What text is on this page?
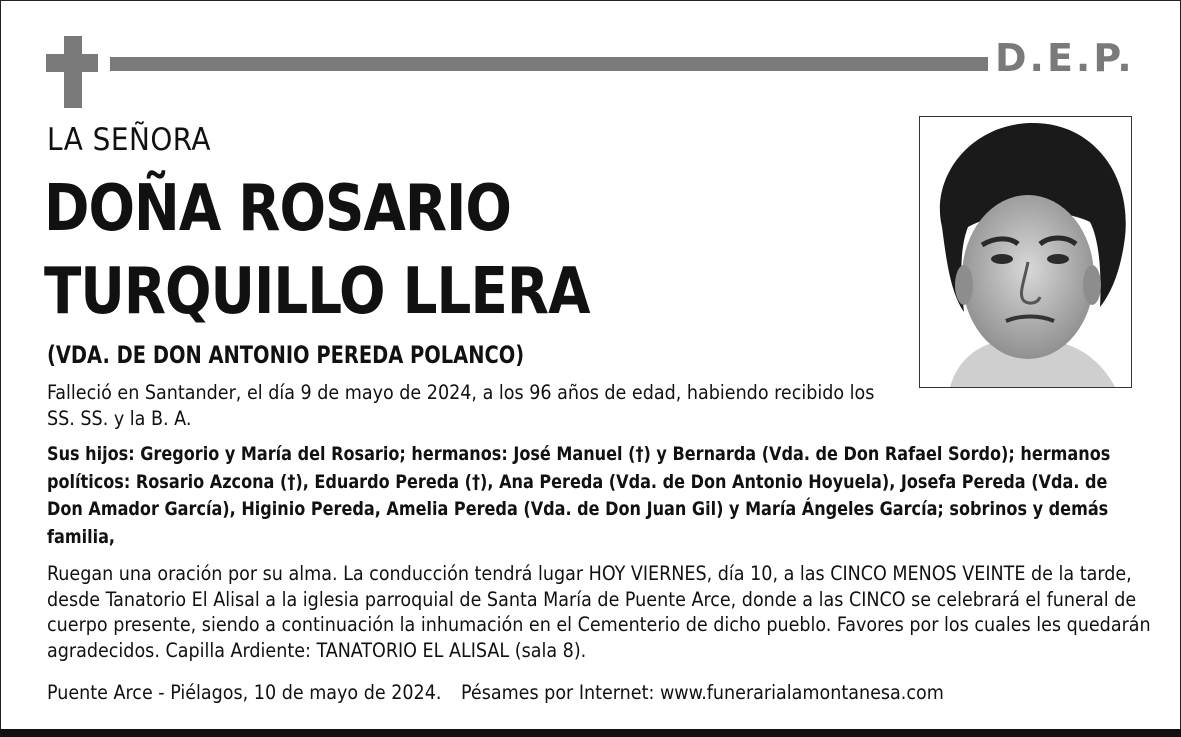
D.E.P.
LA SEÑORA
DOÑA ROSARIO
TURQUILLO LLERA
(VDA. DE DON ANTONIO PEREDA POLANCO)
Falleció en Santander, el día 9 de mayo de 2024, a los 96 años de edad, habiendo recibido los SS. SS. y la B. A.
Sus hijos: Gregorio y María del Rosario; hermanos: José Manuel (†) y Bernarda (Vda. de Don Rafael Sordo); hermanos políticos: Rosario Azcona (†), Eduardo Pereda (†), Ana Pereda (Vda. de Don Antonio Hoyuela), Josefa Pereda (Vda. de Don Amador García), Higinio Pereda, Amelia Pereda (Vda. de Don Juan Gil) y María Ángeles García; sobrinos y demás familia,
Ruegan una oración por su alma. La conducción tendrá lugar HOY VIERNES, día 10, a las CINCO MENOS VEINTE de la tarde, desde Tanatorio El Alisal a la iglesia parroquial de Santa María de Puente Arce, donde a las CINCO se celebrará el funeral de cuerpo presente, siendo a continuación la inhumación en el Cementerio de dicho pueblo. Favores por los cuales les quedarán agradecidos. Capilla Ardiente: TANATORIO EL ALISAL (sala 8).
Puente Arce - Piélagos, 10 de mayo de 2024. Pésames por Internet: www.funerarialamontanesa.com
